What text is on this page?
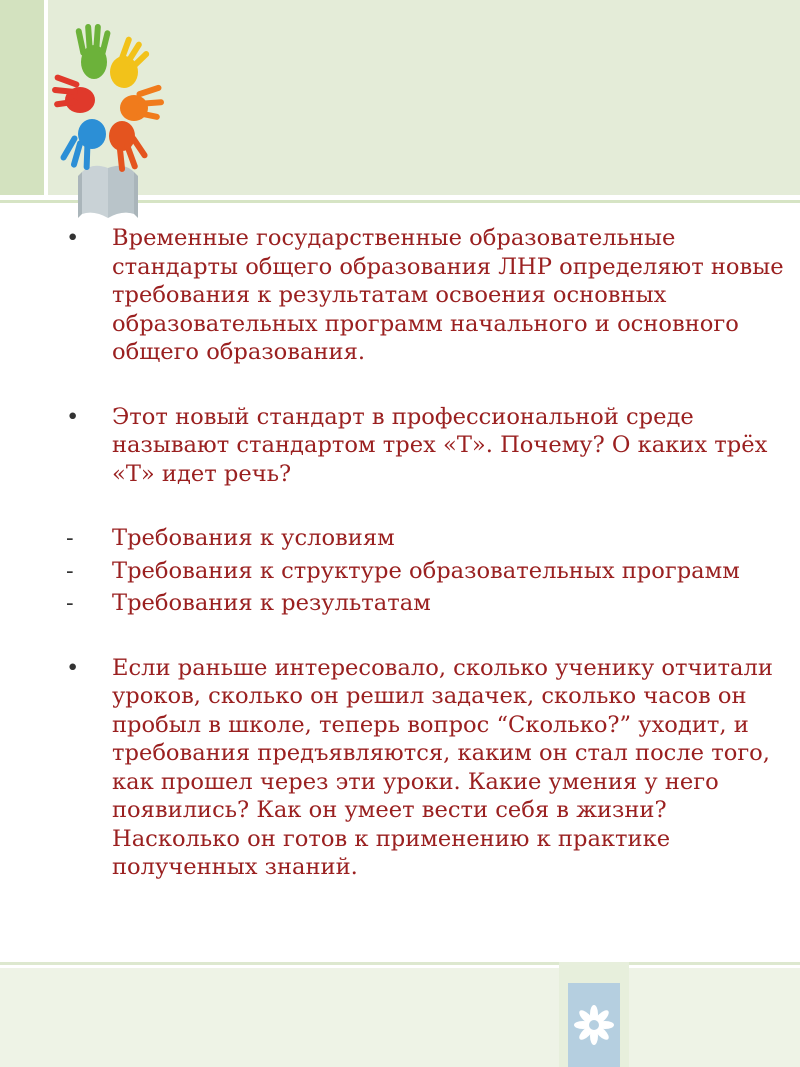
•	Временные государственные образовательные стандарты общего образования ЛНР определяют новые требования к результатам освоения основных образовательных программ начального и основного общего образования.
•	Этот новый стандарт в профессиональной среде называют стандартом трех «Т». Почему? О каких трёх «Т» идет речь?
-	Требования к условиям
-	Требования к структуре образовательных программ
-	Требования к результатам
•	Если раньше интересовало, сколько ученику отчитали уроков, сколько он решил задачек, сколько часов он пробыл в школе, теперь вопрос “Сколько?” уходит, и требования предъявляются, каким он стал после того, как прошел через эти уроки. Какие умения у него появились? Как он умеет вести себя в жизни? Насколько он готов к применению к практике полученных знаний.
